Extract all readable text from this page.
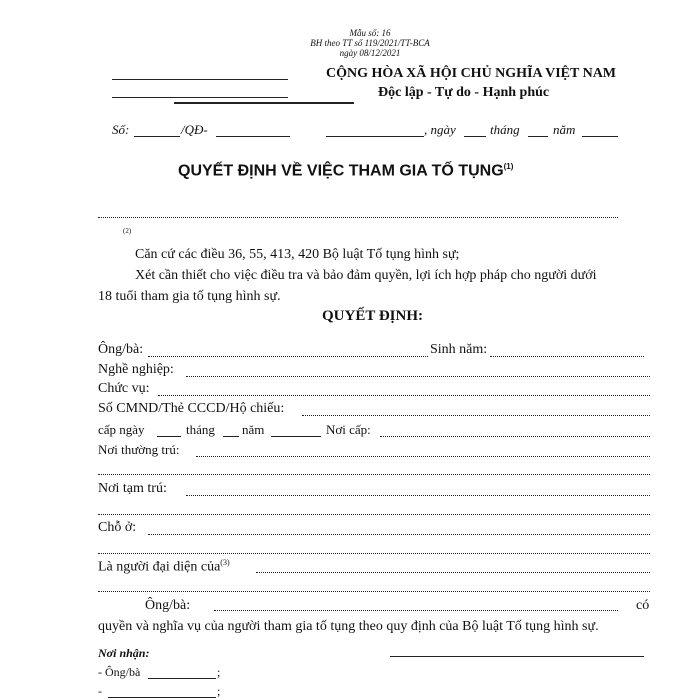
Mẫu số: 16
BH theo TT số 119/2021/TT-BCA
ngày 08/12/2021
CỘNG HÒA XÃ HỘI CHỦ NGHĨA VIỆT NAM
Độc lập - Tự do - Hạnh phúc
Số:	/QĐ-	, ngày	tháng	năm
QUYẾT ĐỊNH VỀ VIỆC THAM GIA TỐ TỤNG$^{(1)}$
(2)
Căn cứ các điều 36, 55, 413, 420 Bộ luật Tố tụng hình sự;
Xét cần thiết cho việc điều tra và bảo đảm quyền, lợi ích hợp pháp cho người dưới
18 tuổi tham gia tố tụng hình sự.
QUYẾT ĐỊNH:
Ông/bà:	Sinh năm:
Nghề nghiệp:
Chức vụ:
Số CMND/Thẻ CCCD/Hộ chiếu:
cấp ngày	tháng năm	Nơi cấp:
Nơi thường trú:
Nơi tạm trú:
Chỗ ở:
Là người đại diện của$^{(3)}$
Ông/bà:	có
quyền và nghĩa vụ của người tham gia tố tụng theo quy định của Bộ luật Tố tụng hình sự.
Nơi nhận:
- Ông/bà	;
-	;
